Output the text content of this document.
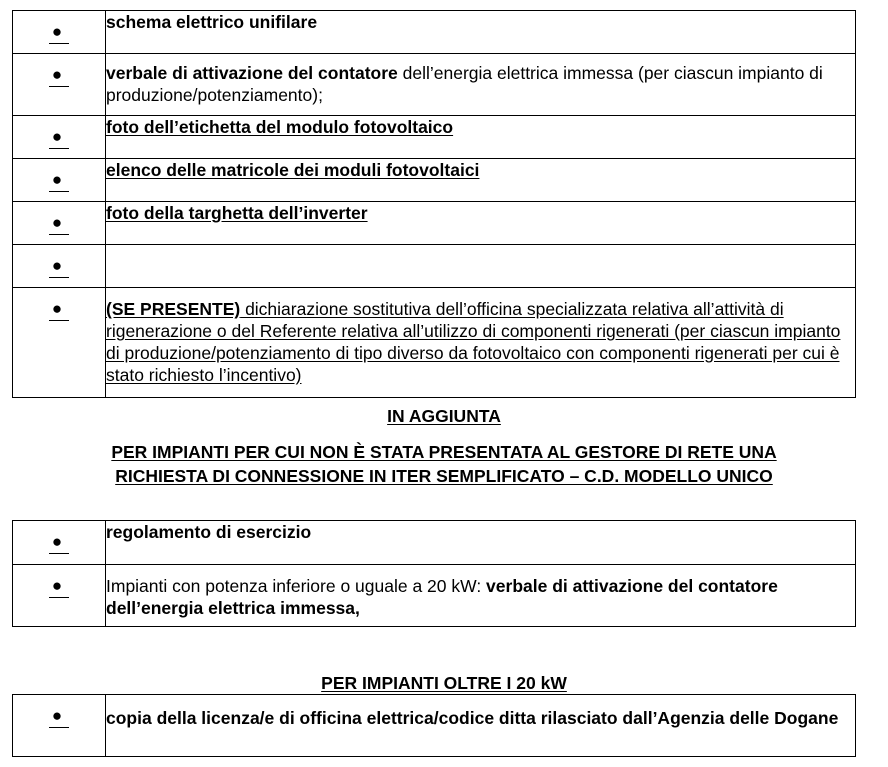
●	schema elettrico unifilare
●	verbale di attivazione del contatore dell’energia elettrica immessa (per ciascun impianto di produzione/potenziamento);
●	foto dell’etichetta del modulo fotovoltaico
●	elenco delle matricole dei moduli fotovoltaici
●	foto della targhetta dell’inverter
●	
●	(SE PRESENTE) dichiarazione sostitutiva dell’officina specializzata relativa all’attività di rigenerazione o del Referente relativa all’utilizzo di componenti rigenerati (per ciascun impianto di produzione/potenziamento di tipo diverso da fotovoltaico con componenti rigenerati per cui è stato richiesto l’incentivo)
IN AGGIUNTA
PER IMPIANTI PER CUI NON È STATA PRESENTATA AL GESTORE DI RETE UNA
RICHIESTA DI CONNESSIONE IN ITER SEMPLIFICATO – C.D. MODELLO UNICO
●	regolamento di esercizio
●	Impianti con potenza inferiore o uguale a 20 kW: verbale di attivazione del contatore dell’energia elettrica immessa,
PER IMPIANTI OLTRE I 20 kW
●	copia della licenza/e di officina elettrica/codice ditta rilasciato dall’Agenzia delle Dogane
